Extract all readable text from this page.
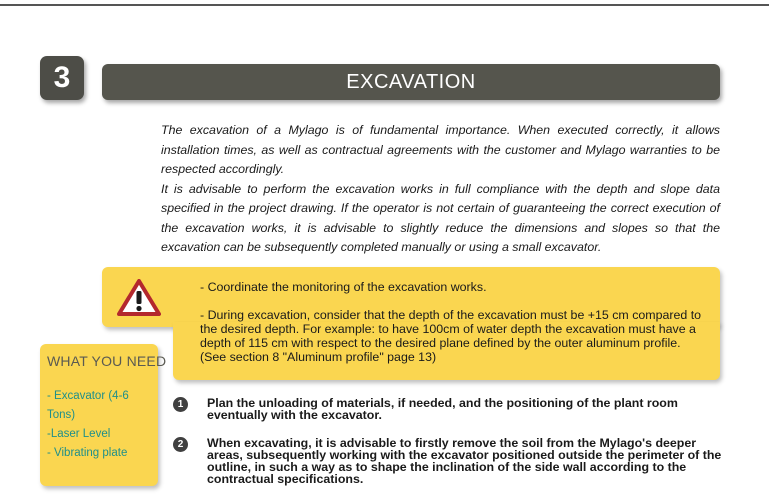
3	EXCAVATION

The excavation of a Mylago is of fundamental importance. When executed correctly, it allows installation times, as well as contractual agreements with the customer and Mylago warranties to be respected accordingly.

It is advisable to perform the excavation works in full compliance with the depth and slope data specified in the project drawing. If the operator is not certain of guaranteeing the correct execution of the excavation works, it is advisable to slightly reduce the dimensions and slopes so that the excavation can be subsequently completed manually or using a small excavator.

- Coordinate the monitoring of the excavation works.

- During excavation, consider that the depth of the excavation must be +15 cm compared to the desired depth. For example: to have 100cm of water depth the excavation must have a depth of 115 cm with respect to the desired plane defined by the outer aluminum profile. (See section 8 "Aluminum profile" page 13)

WHAT YOU NEED
- Excavator (4-6 Tons)
-Laser Level
- Vibrating plate
1	Plan the unloading of materials, if needed, and the positioning of the plant room eventually with the excavator.
2	When excavating, it is advisable to firstly remove the soil from the Mylago's deeper areas, subsequently working with the excavator positioned outside the perimeter of the outline, in such a way as to shape the inclination of the side wall according to the contractual specifications.
